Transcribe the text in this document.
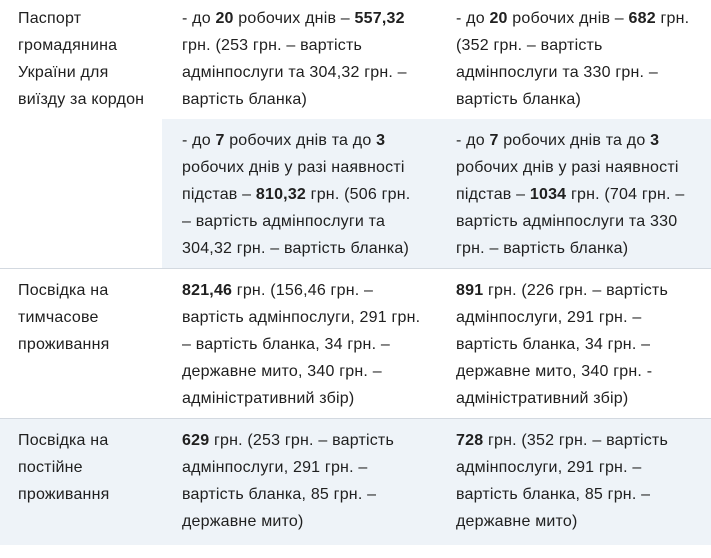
Паспорт громадянина України для виїзду за кордон	- до 20 робочих днів – 557,32 грн. (253 грн. – вартість адмінпослуги та 304,32 грн. – вартість бланка)	- до 20 робочих днів – 682 грн. (352 грн. – вартість адмінпослуги та 330 грн. – вартість бланка)
	- до 7 робочих днів та до 3 робочих днів у разі наявності підстав – 810,32 грн. (506 грн. – вартість адмінпослуги та 304,32 грн. – вартість бланка)	- до 7 робочих днів та до 3 робочих днів у разі наявності підстав – 1034 грн. (704 грн. – вартість адмінпослуги та 330 грн. – вартість бланка)
Посвідка на тимчасове проживання	821,46 грн. (156,46 грн. – вартість адмінпослуги, 291 грн. – вартість бланка, 34 грн. – державне мито, 340 грн. – адміністративний збір)	891 грн. (226 грн. – вартість адмінпослуги, 291 грн. – вартість бланка, 34 грн. – державне мито, 340 грн. - адміністративний збір)
Посвідка на постійне проживання	629 грн. (253 грн. – вартість адмінпослуги, 291 грн. – вартість бланка, 85 грн. – державне мито)	728 грн. (352 грн. – вартість адмінпослуги, 291 грн. – вартість бланка, 85 грн. – державне мито)
